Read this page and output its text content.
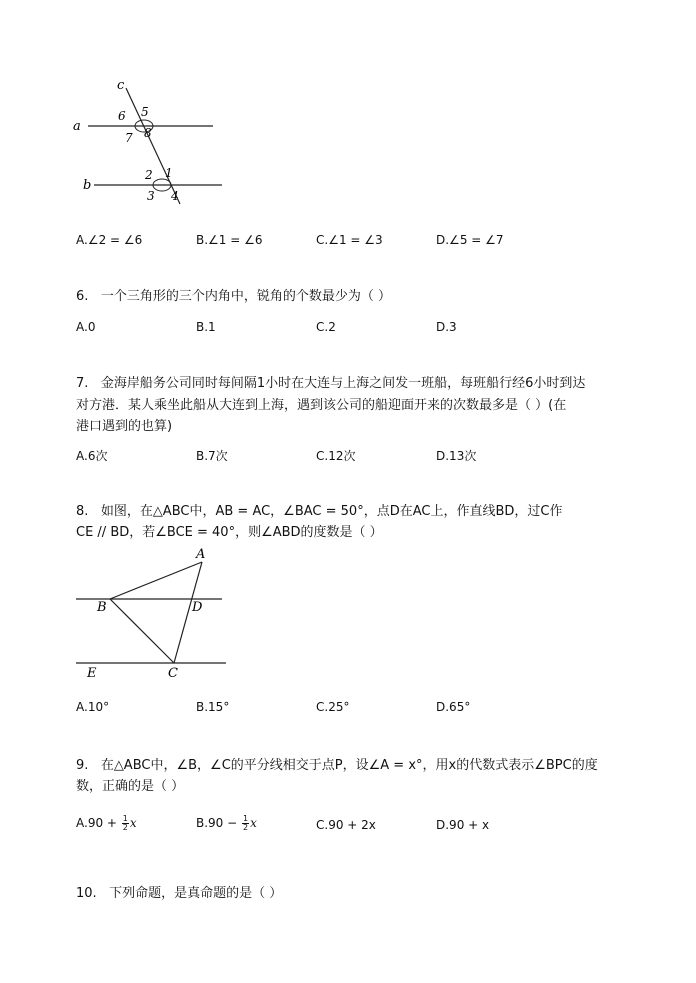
c
a
b
6 5
7 8
2 1
3 4
A.∠2 = ∠6	B.∠1 = ∠6	C.∠1 = ∠3	D.∠5 = ∠7
6. 一个三角形的三个内角中，锐角的个数最少为（ ）
A.0	B.1	C.2	D.3
7. 金海岸船务公司同时每间隔1小时在大连与上海之间发一班船，每班船行经6小时到达
对方港．某人乘坐此船从大连到上海，遇到该公司的船迎面开来的次数最多是（ ）(在
港口遇到的也算)
A.6次	B.7次	C.12次	D.13次
8. 如图，在△ABC中，AB = AC，∠BAC = 50°，点D在AC上，作直线BD，过C作
CE // BD，若∠BCE = 40°，则∠ABD的度数是（ ）
A
B	D
E	C
A.10°	B.15°	C.25°	D.65°
9. 在△ABC中，∠B，∠C的平分线相交于点P，设∠A = x°，用x的代数式表示∠BPC的度
数，正确的是（ ）
$A.90 + \frac{1}{2}$ x	$B.90 - \frac{1}{2}$ x	C.90 + 2x	D.90 + x
10. 下列命题，是真命题的是（ ）
